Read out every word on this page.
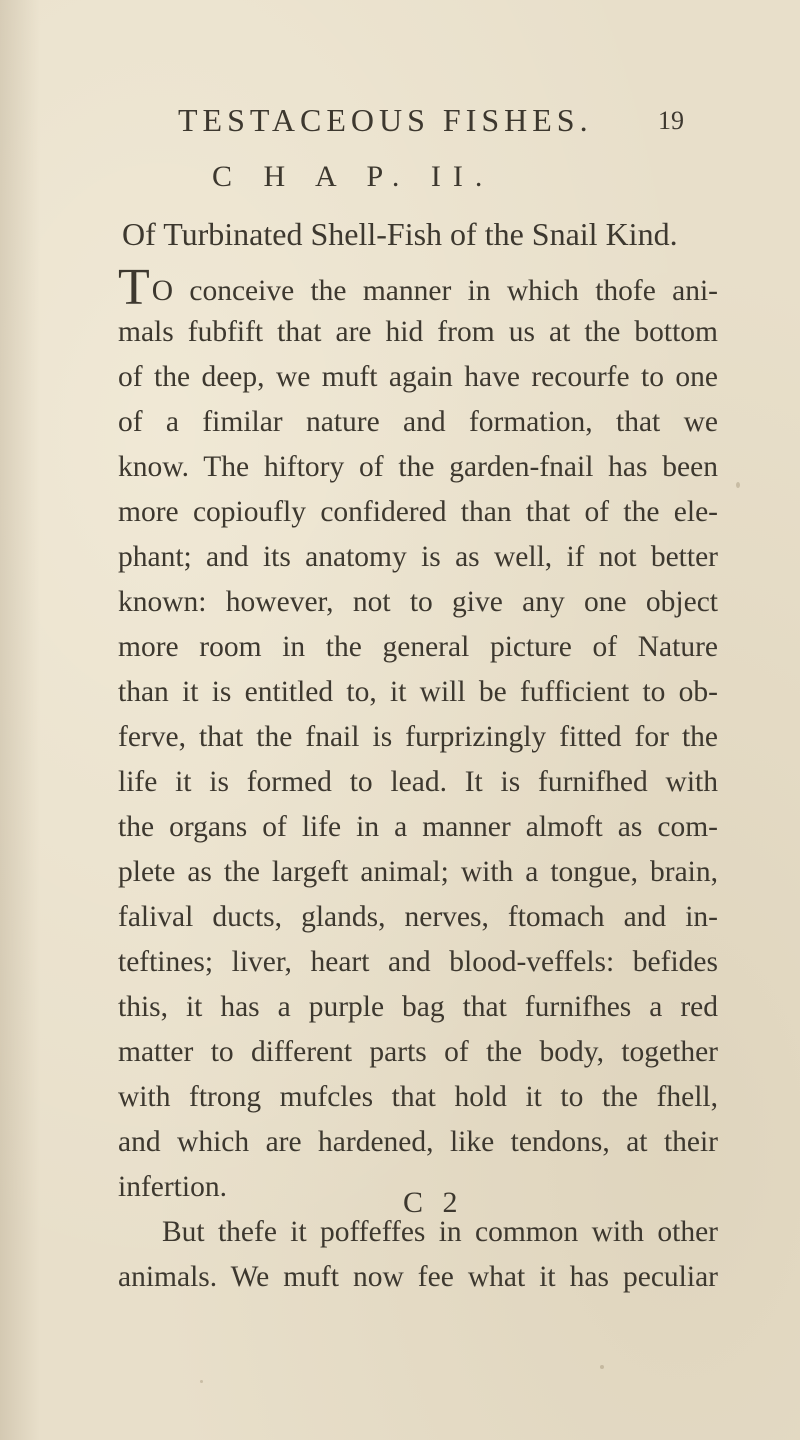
TESTACEOUS FISHES.	19
C H A P. II.
Of Turbinated Shell-Fish of the Snail Kind.
TO conceive the manner in which thofe ani-
mals fubfift that are hid from us at the bottom
of the deep, we muft again have recourfe to one
of a fimilar nature and formation, that we
know. The hiftory of the garden-fnail has been
more copioufly confidered than that of the ele-
phant; and its anatomy is as well, if not better
known: however, not to give any one object
more room in the general picture of Nature
than it is entitled to, it will be fufficient to ob-
ferve, that the fnail is furprizingly fitted for the
life it is formed to lead. It is furnifhed with
the organs of life in a manner almoft as com-
plete as the largeft animal; with a tongue, brain,
falival ducts, glands, nerves, ftomach and in-
teftines; liver, heart and blood-veffels: befides
this, it has a purple bag that furnifhes a red
matter to different parts of the body, together
with ftrong mufcles that hold it to the fhell,
and which are hardened, like tendons, at their
infertion.
But thefe it poffeffes in common with other
animals. We muft now fee what it has peculiar
C 2
